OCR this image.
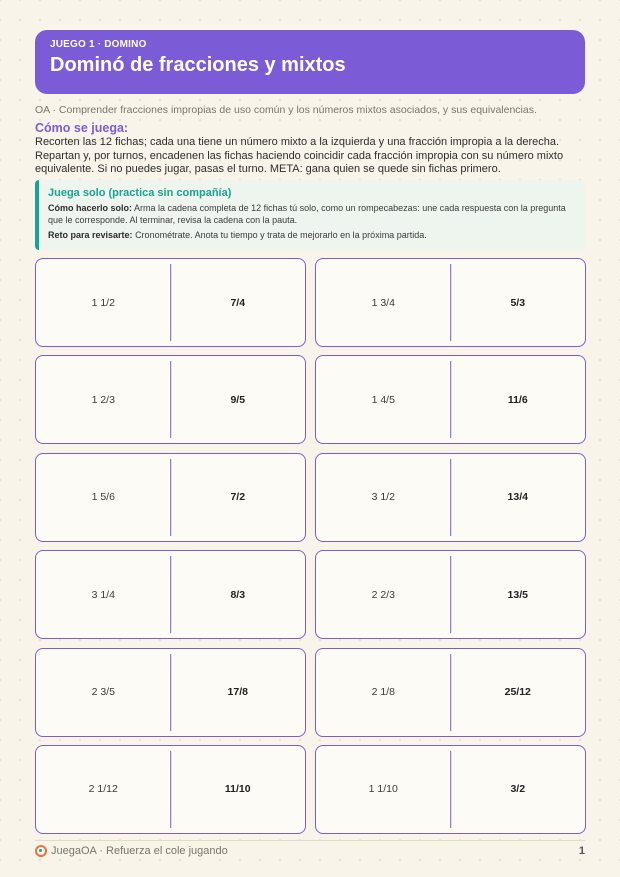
JUEGO 1 · DOMINO
Dominó de fracciones y mixtos
OA · Comprender fracciones impropias de uso común y los números mixtos asociados, y sus equivalencias.
Cómo se juega:
Recorten las 12 fichas; cada una tiene un número mixto a la izquierda y una fracción impropia a la derecha. Repartan y, por turnos, encadenen las fichas haciendo coincidir cada fracción impropia con su número mixto equivalente. Si no puedes jugar, pasas el turno. META: gana quien se quede sin fichas primero.
Juega solo (practica sin compañía)
Cómo hacerlo solo: Arma la cadena completa de 12 fichas tú solo, como un rompecabezas: une cada respuesta con la pregunta que le corresponde. Al terminar, revisa la cadena con la pauta.
Reto para revisarte: Cronométrate. Anota tu tiempo y trata de mejorarlo en la próxima partida.
1 1/2	7/4	1 3/4	5/3
1 2/3	9/5	1 4/5	11/6
1 5/6	7/2	3 1/2	13/4
3 1/4	8/3	2 2/3	13/5
2 3/5	17/8	2 1/8	25/12
2 1/12	11/10	1 1/10	3/2
JuegaOA · Refuerza el cole jugando	1
